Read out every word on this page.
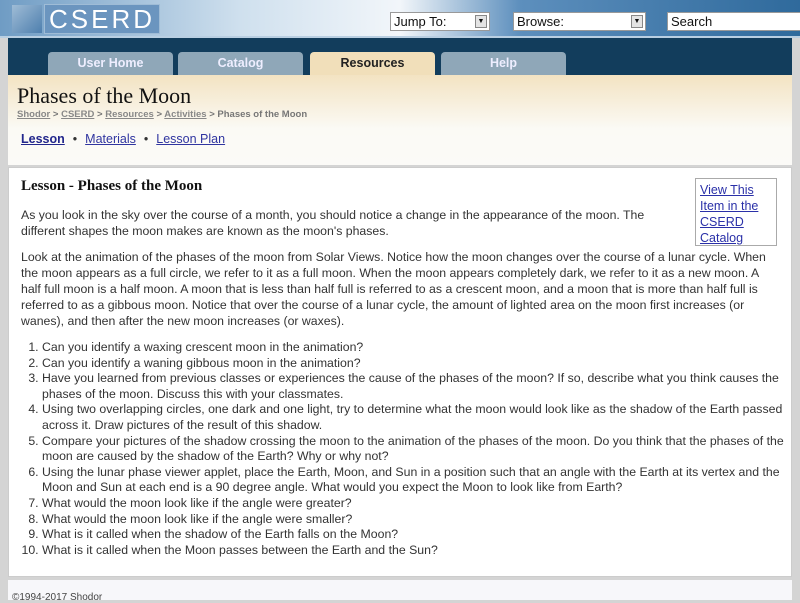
CSERD	Jump To:	▼	Browse:	▼	Search
User Home	Catalog	Resources	Help
Phases of the Moon
Shodor > CSERD > Resources > Activities > Phases of the Moon
Lesson • Materials • Lesson Plan
Lesson - Phases of the Moon	View This Item in the CSERD Catalog
As you look in the sky over the course of a month, you should notice a change in the appearance of the moon. The different shapes the moon makes are known as the moon's phases.
Look at the animation of the phases of the moon from Solar Views. Notice how the moon changes over the course of a lunar cycle. When the moon appears as a full circle, we refer to it as a full moon. When the moon appears completely dark, we refer to it as a new moon. A half full moon is a half moon. A moon that is less than half full is referred to as a crescent moon, and a moon that is more than half full is referred to as a gibbous moon. Notice that over the course of a lunar cycle, the amount of lighted area on the moon first increases (or wanes), and then after the new moon increases (or waxes).
1. Can you identify a waxing crescent moon in the animation?
2. Can you identify a waning gibbous moon in the animation?
3. Have you learned from previous classes or experiences the cause of the phases of the moon? If so, describe what you think causes the phases of the moon. Discuss this with your classmates.
4. Using two overlapping circles, one dark and one light, try to determine what the moon would look like as the shadow of the Earth passed across it. Draw pictures of the result of this shadow.
5. Compare your pictures of the shadow crossing the moon to the animation of the phases of the moon. Do you think that the phases of the moon are caused by the shadow of the Earth? Why or why not?
6. Using the lunar phase viewer applet, place the Earth, Moon, and Sun in a position such that an angle with the Earth at its vertex and the Moon and Sun at each end is a 90 degree angle. What would you expect the Moon to look like from Earth?
7. What would the moon look like if the angle were greater?
8. What would the moon look like if the angle were smaller?
9. What is it called when the shadow of the Earth falls on the Moon?
10. What is it called when the Moon passes between the Earth and the Sun?
©1994-2017 Shodor
